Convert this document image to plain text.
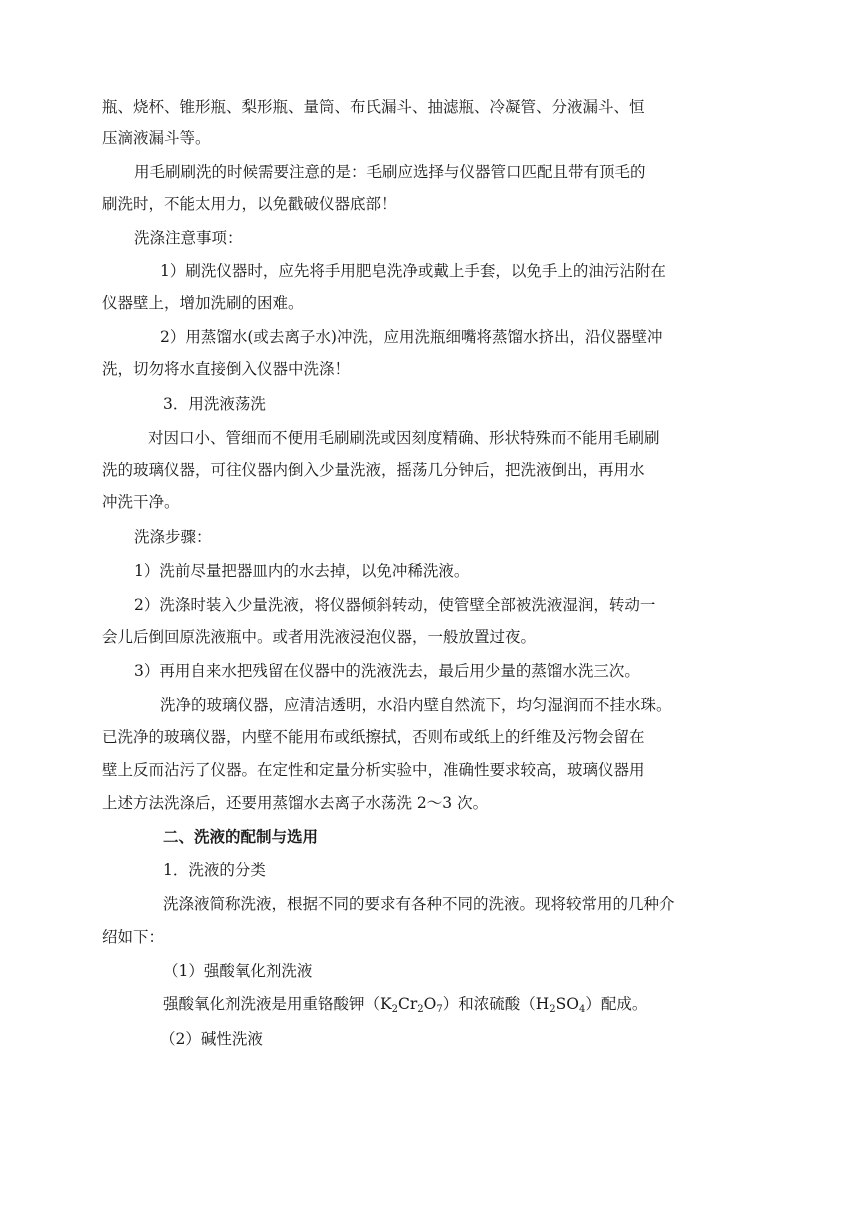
瓶、烧杯、锥形瓶、梨形瓶、量筒、布氏漏斗、抽滤瓶、冷凝管、分液漏斗、恒
压滴液漏斗等。
用毛刷刷洗的时候需要注意的是：毛刷应选择与仪器管口匹配且带有顶毛的
刷洗时，不能太用力，以免戳破仪器底部！
洗涤注意事项：
1）刷洗仪器时，应先将手用肥皂洗净或戴上手套，以免手上的油污沾附在
仪器壁上，增加洗刷的困难。
2）用蒸馏水(或去离子水)冲洗，应用洗瓶细嘴将蒸馏水挤出，沿仪器壁冲
洗，切勿将水直接倒入仪器中洗涤！
3．用洗液荡洗
对因口小、管细而不便用毛刷刷洗或因刻度精确、形状特殊而不能用毛刷刷
洗的玻璃仪器，可往仪器内倒入少量洗液，摇荡几分钟后，把洗液倒出，再用水
冲洗干净。
洗涤步骤：
1）洗前尽量把器皿内的水去掉，以免冲稀洗液。
2）洗涤时装入少量洗液，将仪器倾斜转动，使管壁全部被洗液湿润，转动一
会儿后倒回原洗液瓶中。或者用洗液浸泡仪器，一般放置过夜。
3）再用自来水把残留在仪器中的洗液洗去，最后用少量的蒸馏水洗三次。
洗净的玻璃仪器，应清洁透明，水沿内壁自然流下，均匀湿润而不挂水珠。
已洗净的玻璃仪器，内壁不能用布或纸擦拭，否则布或纸上的纤维及污物会留在
壁上反而沾污了仪器。在定性和定量分析实验中，准确性要求较高，玻璃仪器用
上述方法洗涤后，还要用蒸馏水去离子水荡洗 2～3 次。
二、洗液的配制与选用
1．洗液的分类
洗涤液简称洗液，根据不同的要求有各种不同的洗液。现将较常用的几种介
绍如下：
（1）强酸氧化剂洗液
强酸氧化剂洗液是用重铬酸钾$(K_2Cr_2O_7)$和浓硫酸$(H_2SO_4)$配成。
（2）碱性洗液
